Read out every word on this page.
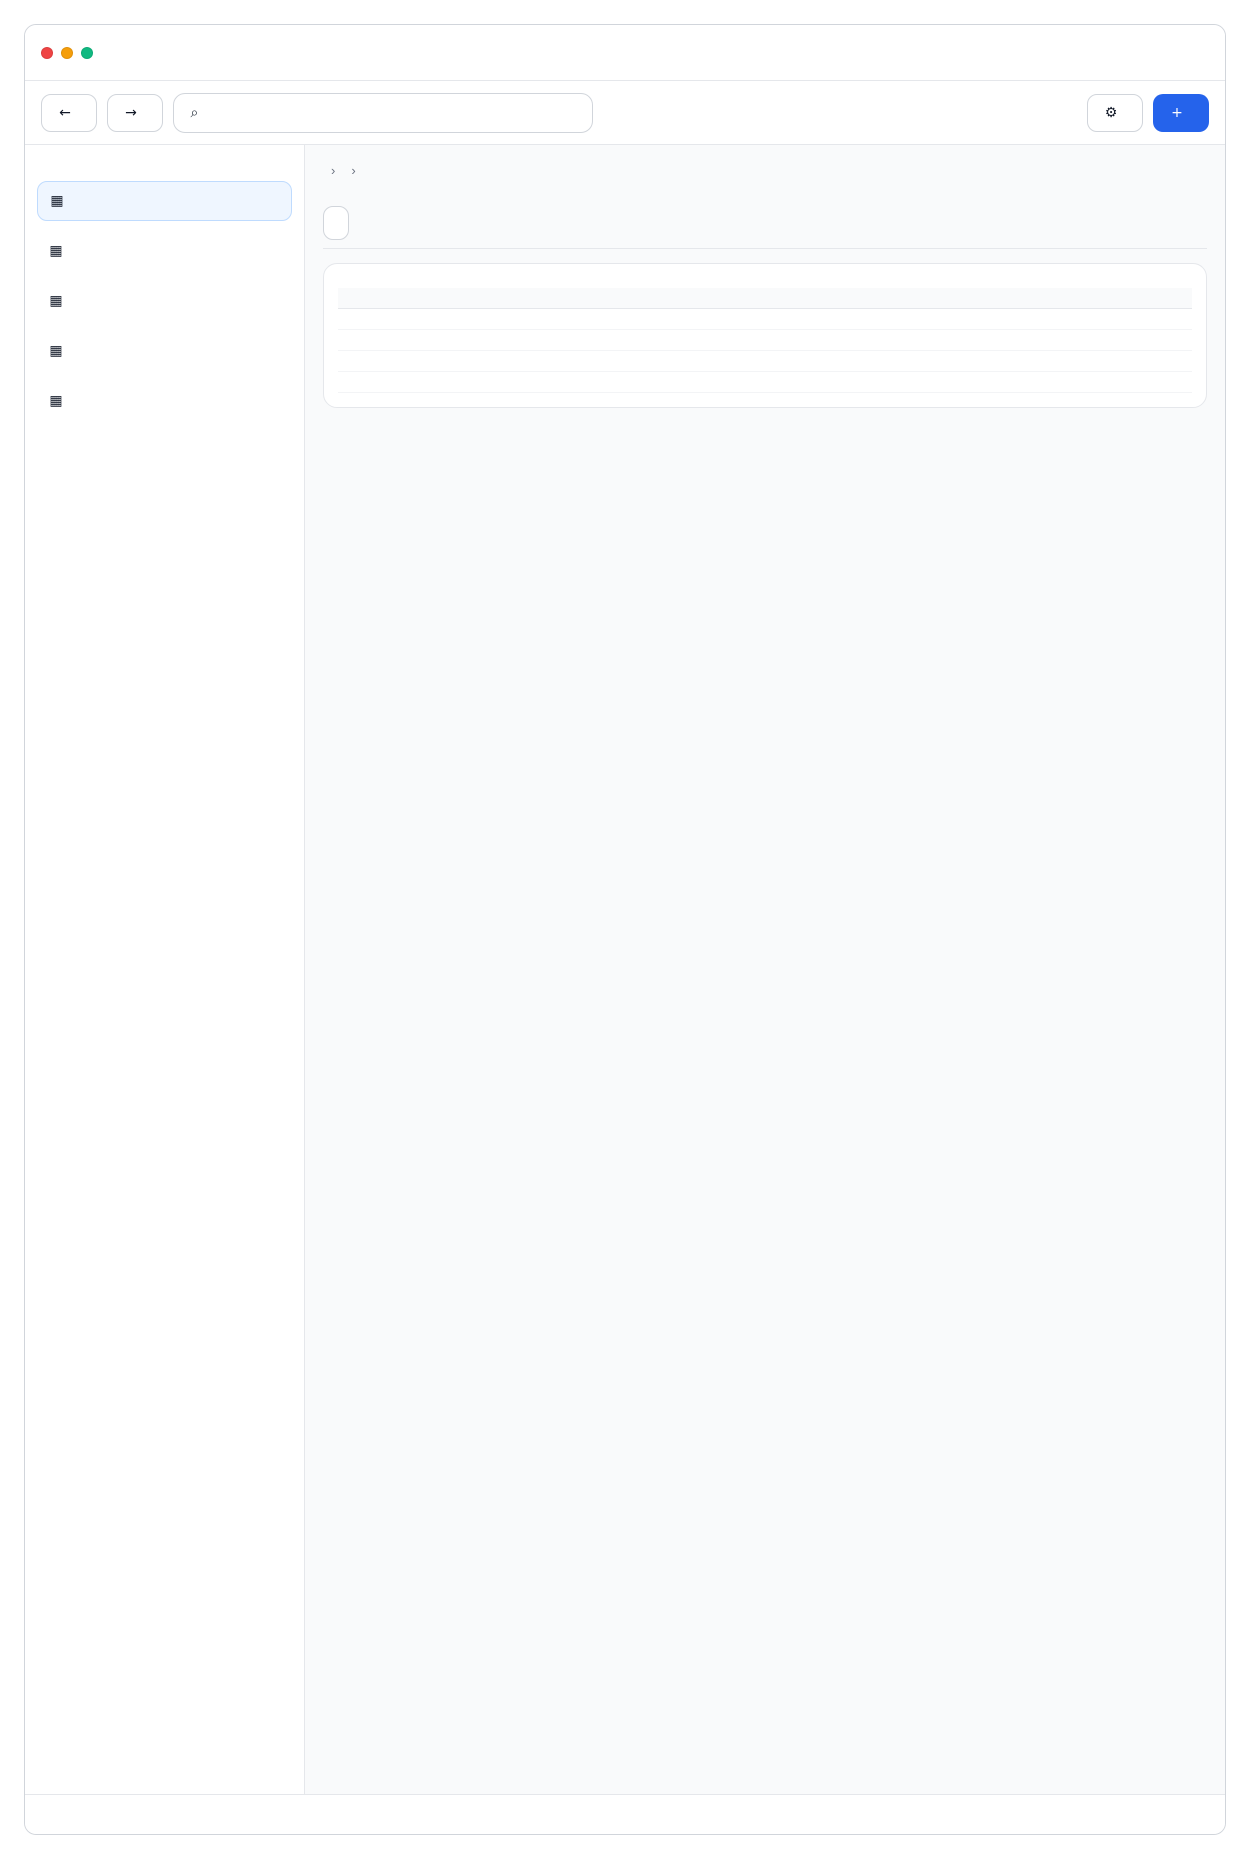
←	→	⌕	⚙	+
▦
▦
▦
▦
▦
› ›
